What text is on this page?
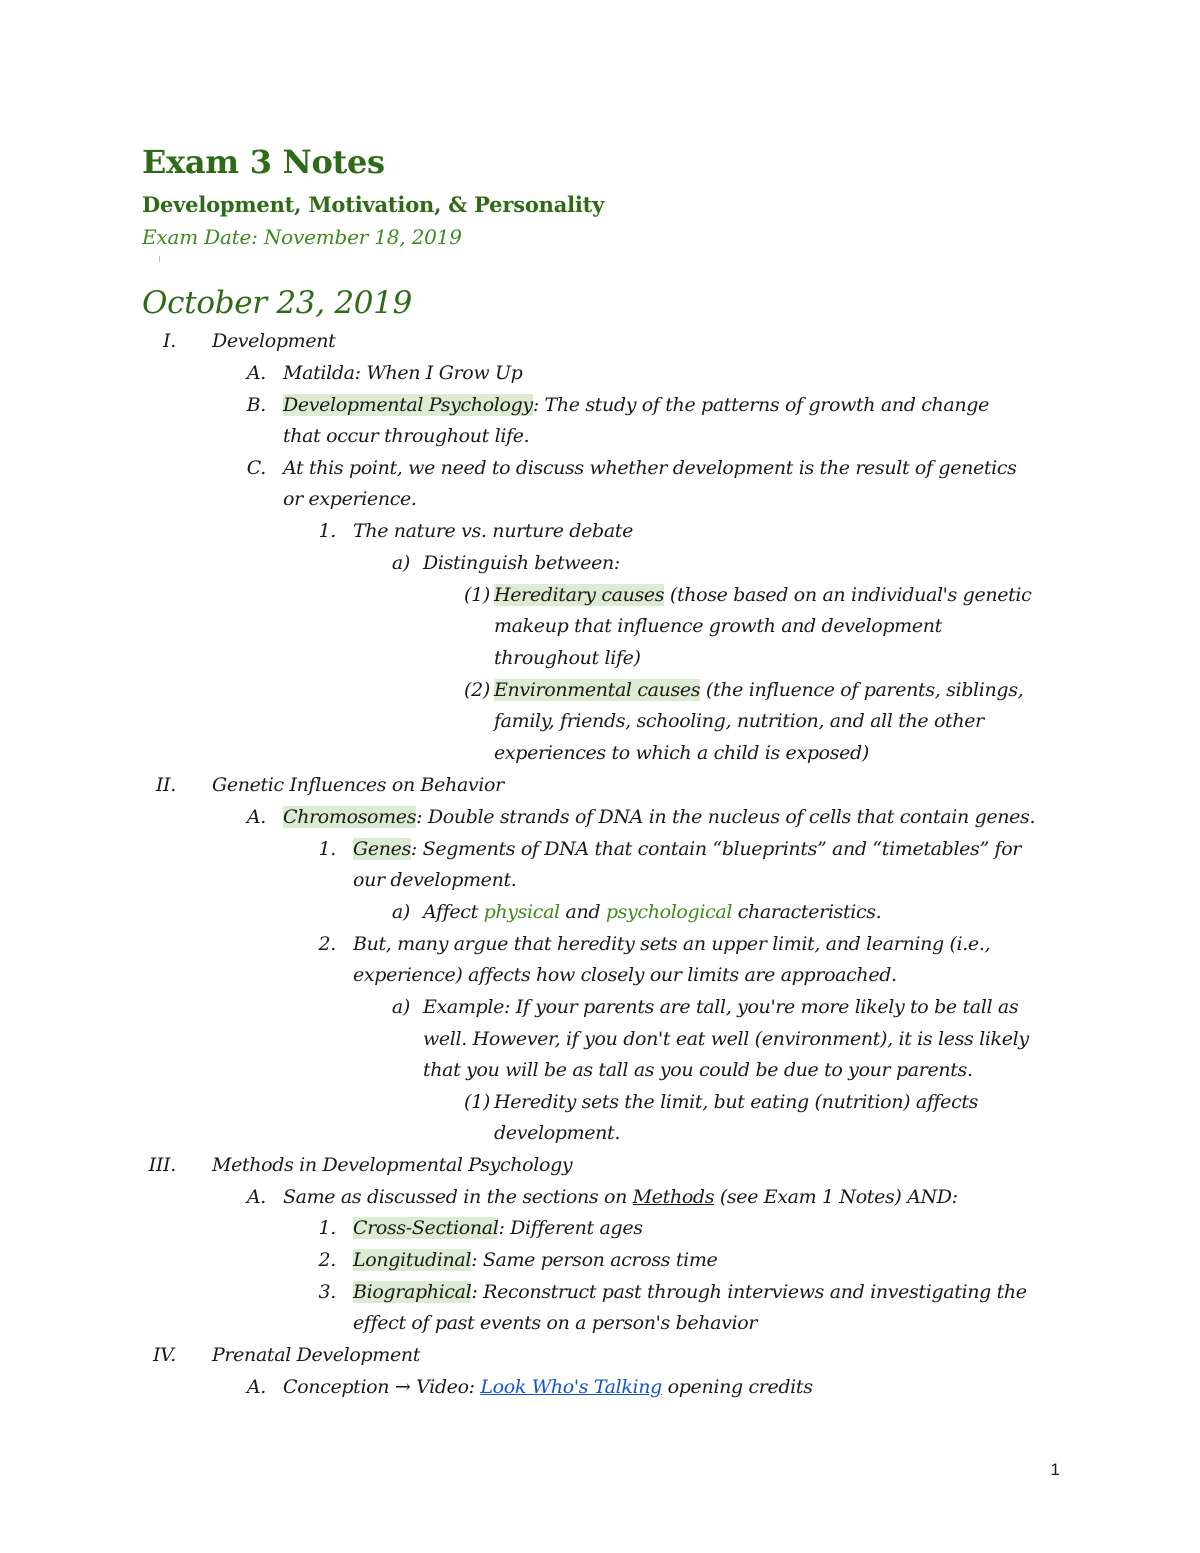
Exam 3 Notes
Development, Motivation, & Personality
Exam Date: November 18, 2019
October 23, 2019
I. Development
A. Matilda: When I Grow Up
B. Developmental Psychology: The study of the patterns of growth and change
that occur throughout life.
C. At this point, we need to discuss whether development is the result of genetics
or experience.
1. The nature vs. nurture debate
a) Distinguish between:
(1) Hereditary causes (those based on an individual's genetic
makeup that influence growth and development
throughout life)
(2) Environmental causes (the influence of parents, siblings,
family, friends, schooling, nutrition, and all the other
experiences to which a child is exposed)
II. Genetic Influences on Behavior
A. Chromosomes: Double strands of DNA in the nucleus of cells that contain genes.
1. Genes: Segments of DNA that contain “blueprints” and “timetables” for
our development.
a) Affect physical and psychological characteristics.
2. But, many argue that heredity sets an upper limit, and learning (i.e.,
experience) affects how closely our limits are approached.
a) Example: If your parents are tall, you're more likely to be tall as
well. However, if you don't eat well (environment), it is less likely
that you will be as tall as you could be due to your parents.
(1) Heredity sets the limit, but eating (nutrition) affects
development.
III. Methods in Developmental Psychology
A. Same as discussed in the sections on Methods (see Exam 1 Notes) AND:
1. Cross-Sectional: Different ages
2. Longitudinal: Same person across time
3. Biographical: Reconstruct past through interviews and investigating the
effect of past events on a person's behavior
IV. Prenatal Development
A. Conception → Video: Look Who's Talking opening credits
1
